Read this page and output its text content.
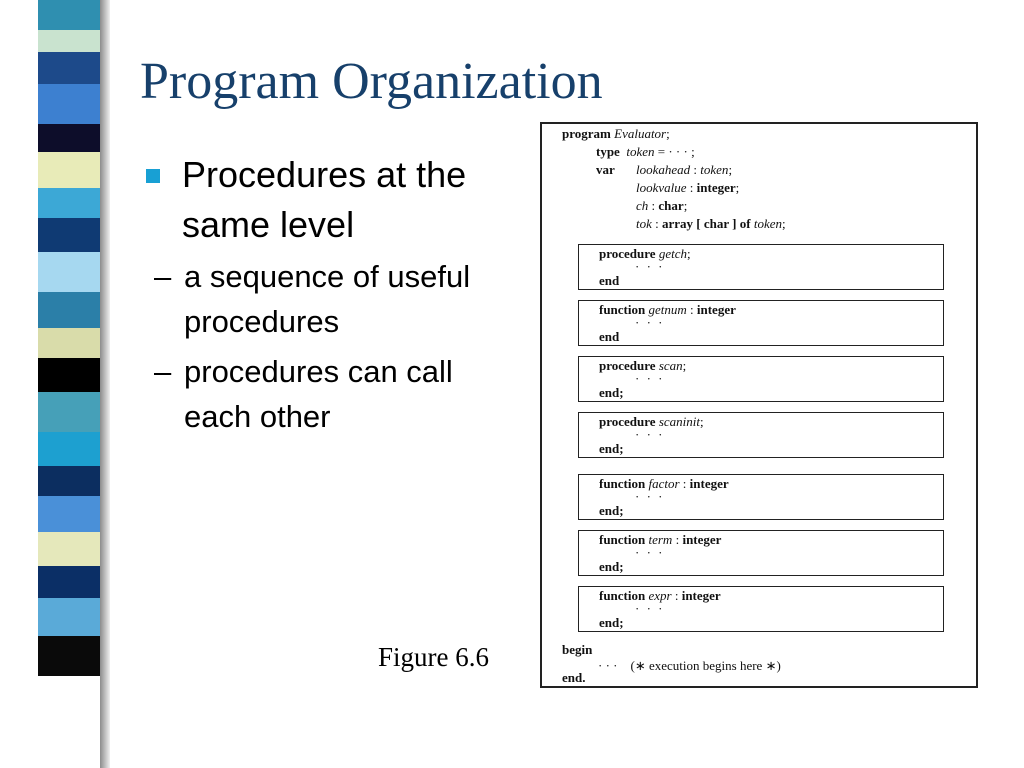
Program Organization
Procedures at the same level
– a sequence of useful procedures
– procedures can call each other
Figure 6.6
program Evaluator;
type token = · · · ;
var lookahead : token;
lookvalue : integer;
ch : char;
tok : array [ char ] of token;
procedure getch;
· · ·
end
function getnum : integer
· · ·
end
procedure scan;
· · ·
end;
procedure scaninit;
· · ·
end;
function factor : integer
· · ·
end;
function term : integer
· · ·
end;
function expr : integer
· · ·
end;
begin
· · · (∗ execution begins here ∗)
end.
